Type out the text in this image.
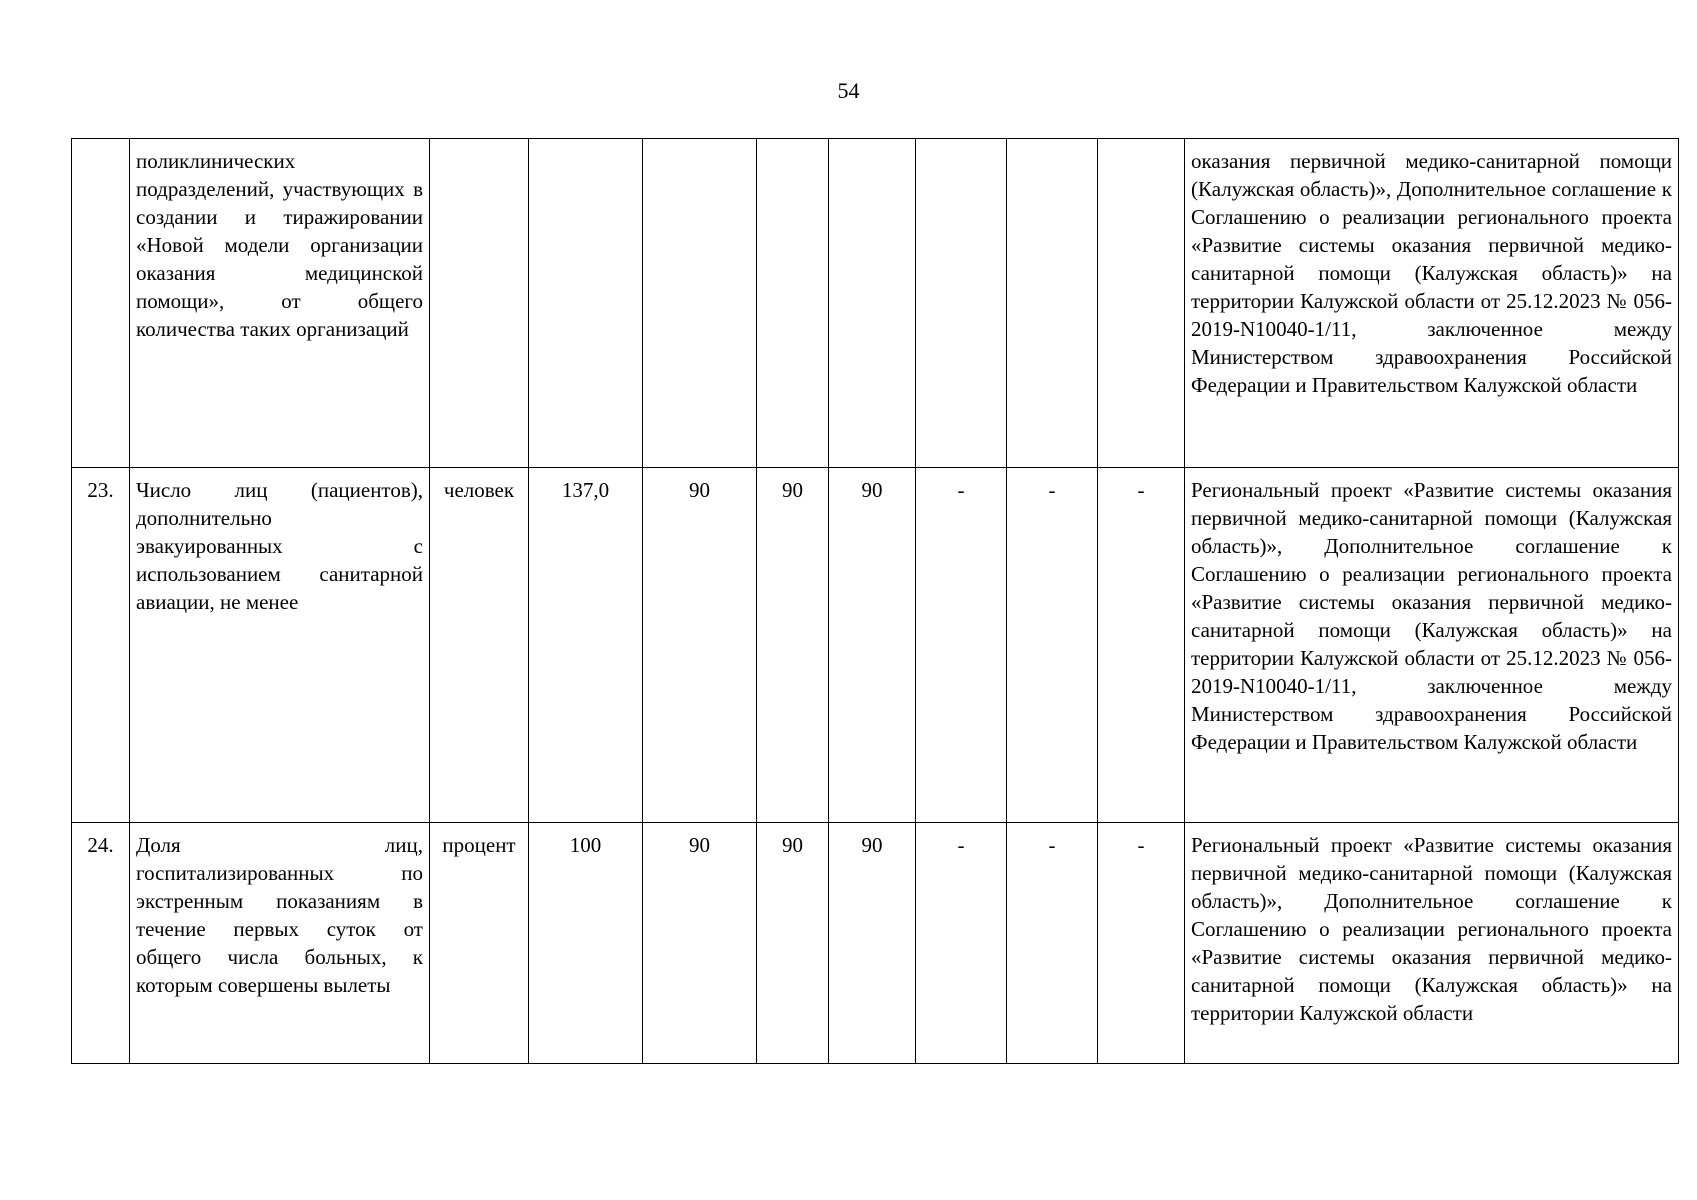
54
	поликлинических подразделений, участвующих в создании и тиражировании «Новой модели организации оказания медицинской помощи», от общего количества таких организаций									оказания первичной медико-санитарной помощи (Калужская область)», Дополнительное соглашение к Соглашению о реализации регионального проекта «Развитие системы оказания первичной медико-санитарной помощи (Калужская область)» на территории Калужской области от 25.12.2023 № 056-2019-N10040-1/11, заключенное между Министерством здравоохранения Российской Федерации и Правительством Калужской области
23.	Число лиц (пациентов), дополнительно эвакуированных с использованием санитарной авиации, не менее	человек	137,0	90	90	90	-	-	-	Региональный проект «Развитие системы оказания первичной медико-санитарной помощи (Калужская область)», Дополнительное соглашение к Соглашению о реализации регионального проекта «Развитие системы оказания первичной медико-санитарной помощи (Калужская область)» на территории Калужской области от 25.12.2023 № 056-2019-N10040-1/11, заключенное между Министерством здравоохранения Российской Федерации и Правительством Калужской области
24.	Доля лиц, госпитализированных по экстренным показаниям в течение первых суток от общего числа больных, к которым совершены вылеты	процент	100	90	90	90	-	-	-	Региональный проект «Развитие системы оказания первичной медико-санитарной помощи (Калужская область)», Дополнительное соглашение к Соглашению о реализации регионального проекта «Развитие системы оказания первичной медико-санитарной помощи (Калужская область)» на территории Калужской области
